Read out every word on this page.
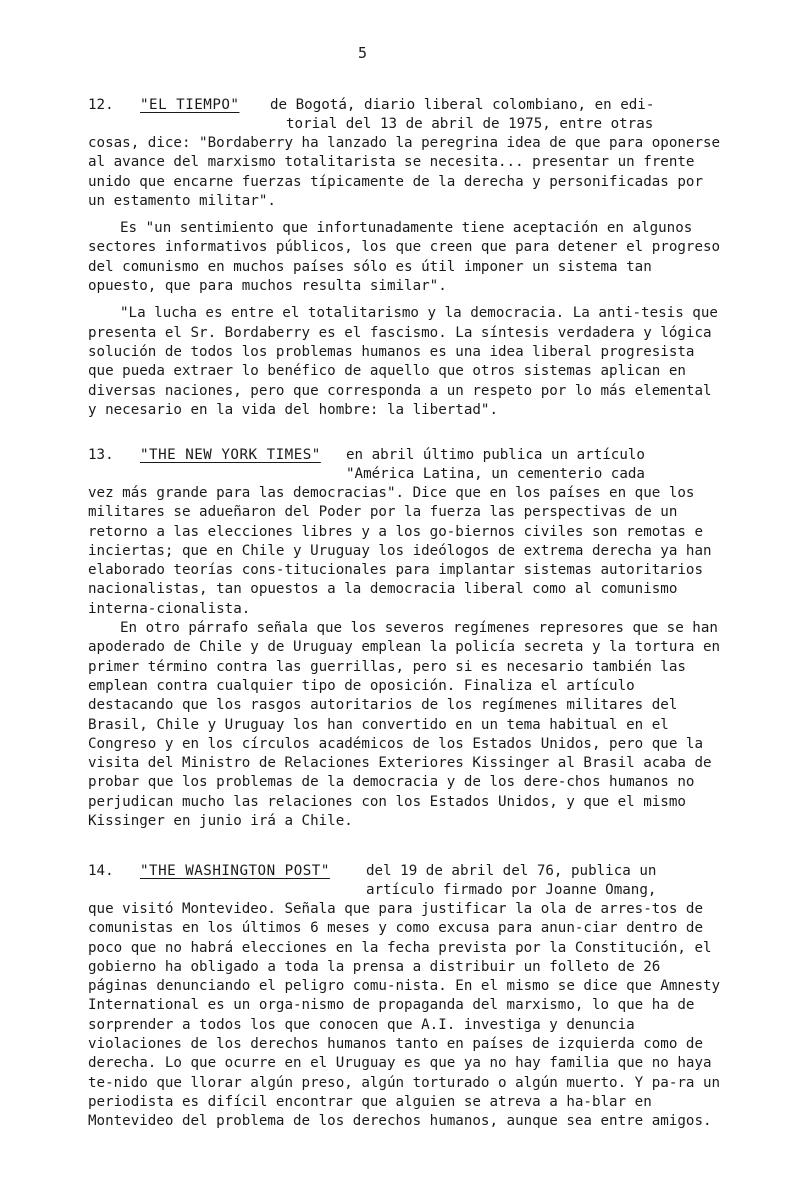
5
12. "EL TIEMPO" de Bogotá, diario liberal colombiano, en edi-
torial del 13 de abril de 1975, entre otras

cosas, dice: "Bordaberry ha lanzado la peregrina idea de que para oponerse al avance del marxismo totalitarista se necesita... presentar un frente unido que encarne fuerzas típicamente de la derecha y personificadas por un estamento militar".

Es "un sentimiento que infortunadamente tiene aceptación en algunos sectores informativos públicos, los que creen que para detener el progreso del comunismo en muchos países sólo es útil imponer un sistema tan opuesto, que para muchos resulta similar".

"La lucha es entre el totalitarismo y la democracia. La anti-tesis que presenta el Sr. Bordaberry es el fascismo. La síntesis verdadera y lógica solución de todos los problemas humanos es una idea liberal progresista que pueda extraer lo benéfico de aquello que otros sistemas aplican en diversas naciones, pero que corresponda a un respeto por lo más elemental y necesario en la vida del hombre: la libertad".

13. "THE NEW YORK TIMES" en abril último publica un artículo
"América Latina, un cementerio cada

vez más grande para las democracias". Dice que en los países en que los militares se adueñaron del Poder por la fuerza las perspectivas de un retorno a las elecciones libres y a los go-biernos civiles son remotas e inciertas; que en Chile y Uruguay los ideólogos de extrema derecha ya han elaborado teorías cons-titucionales para implantar sistemas autoritarios nacionalistas, tan opuestos a la democracia liberal como al comunismo interna-cionalista.

En otro párrafo señala que los severos regímenes represores que se han apoderado de Chile y de Uruguay emplean la policía secreta y la tortura en primer término contra las guerrillas, pero si es necesario también las emplean contra cualquier tipo de oposición. Finaliza el artículo destacando que los rasgos autoritarios de los regímenes militares del Brasil, Chile y Uruguay los han convertido en un tema habitual en el Congreso y en los círculos académicos de los Estados Unidos, pero que la visita del Ministro de Relaciones Exteriores Kissinger al Brasil acaba de probar que los problemas de la democracia y de los dere-chos humanos no perjudican mucho las relaciones con los Estados Unidos, y que el mismo Kissinger en junio irá a Chile.

14. "THE WASHINGTON POST"	del 19 de abril del 76, publica un
artículo firmado por Joanne Omang,

que visitó Montevideo. Señala que para justificar la ola de arres-tos de comunistas en los últimos 6 meses y como excusa para anun-ciar dentro de poco que no habrá elecciones en la fecha prevista por la Constitución, el gobierno ha obligado a toda la prensa a distribuir un folleto de 26 páginas denunciando el peligro comu-nista. En el mismo se dice que Amnesty International es un orga-nismo de propaganda del marxismo, lo que ha de sorprender a todos los que conocen que A.I. investiga y denuncia violaciones de los derechos humanos tanto en países de izquierda como de derecha. Lo que ocurre en el Uruguay es que ya no hay familia que no haya te-nido que llorar algún preso, algún torturado o algún muerto. Y pa-ra un periodista es difícil encontrar que alguien se atreva a ha-blar en Montevideo del problema de los derechos humanos, aunque sea entre amigos.
